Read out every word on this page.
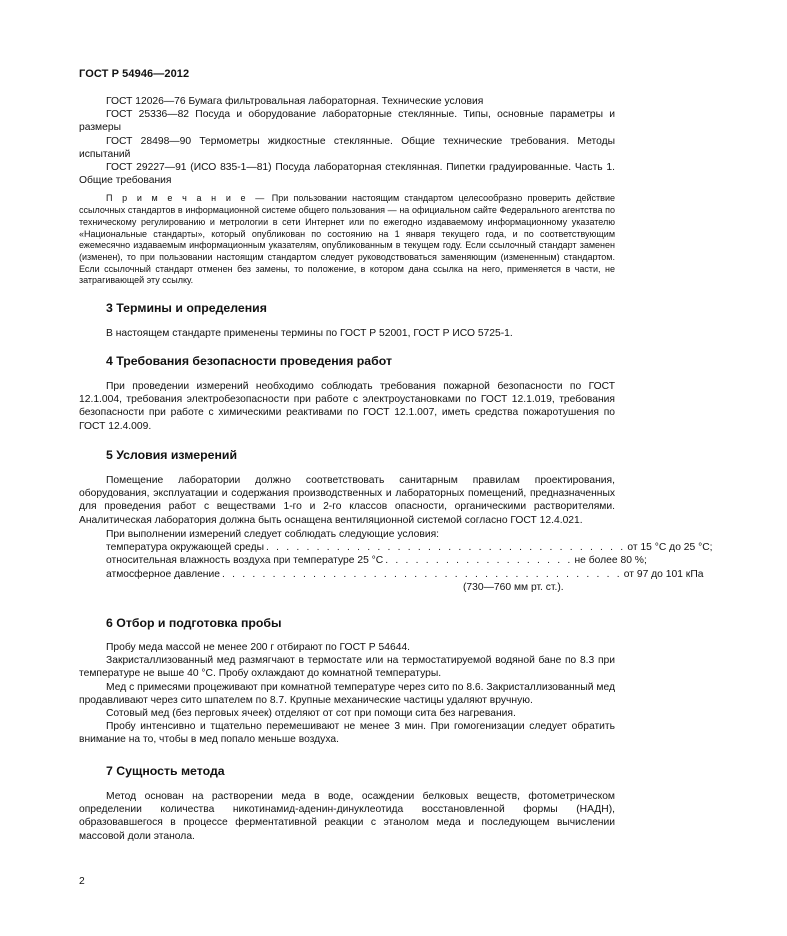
ГОСТ Р 54946—2012

ГОСТ 12026—76 Бумага фильтровальная лабораторная. Технические условия

ГОСТ 25336—82 Посуда и оборудование лабораторные стеклянные. Типы, основные параметры и размеры

ГОСТ 28498—90 Термометры жидкостные стеклянные. Общие технические требования. Методы испытаний

ГОСТ 29227—91 (ИСО 835-1—81) Посуда лабораторная стеклянная. Пипетки градуированные. Часть 1. Общие требования

П р и м е ч а н и е — При пользовании настоящим стандартом целесообразно проверить действие ссылочных стандартов в информационной системе общего пользования — на официальном сайте Федерального агентства по техническому регулированию и метрологии в сети Интернет или по ежегодно издаваемому информационному указателю «Национальные стандарты», который опубликован по состоянию на 1 января текущего года, и по соответствующим ежемесячно издаваемым информационным указателям, опубликованным в текущем году. Если ссылочный стандарт заменен (изменен), то при пользовании настоящим стандартом следует руководствоваться заменяющим (измененным) стандартом. Если ссылочный стандарт отменен без замены, то положение, в котором дана ссылка на него, применяется в части, не затрагивающей эту ссылку.
3 Термины и определения

В настоящем стандарте применены термины по ГОСТ Р 52001, ГОСТ Р ИСО 5725-1.

4 Требования безопасности проведения работ

При проведении измерений необходимо соблюдать требования пожарной безопасности по ГОСТ 12.1.004, требования электробезопасности при работе с электроустановками по ГОСТ 12.1.019, требования безопасности при работе с химическими реактивами по ГОСТ 12.1.007, иметь средства пожаротушения по ГОСТ 12.4.009.

5 Условия измерений

Помещение лаборатории должно соответствовать санитарным правилам проектирования, оборудования, эксплуатации и содержания производственных и лабораторных помещений, предназначенных для проведения работ с веществами 1-го и 2-го классов опасности, органическими растворителями. Аналитическая лаборатория должна быть оснащена вентиляционной системой согласно ГОСТ 12.4.021.

При выполнении измерений следует соблюдать следующие условия:
температура окружающей среды . . . . . . . . . . . . . . . . . . . . . . . . . . . . . . . . . . . . от 15 °С до 25 °С;
относительная влажность воздуха при температуре 25 °С . . . . . . . . . . . . . . . . . . . не более 80 %;
атмосферное давление . . . . . . . . . . . . . . . . . . . . . . . . . . . . . . . . . . . . . . . . от 97 до 101 кПа
(730—760 мм рт. ст.).
6 Отбор и подготовка пробы

Пробу меда массой не менее 200 г отбирают по ГОСТ Р 54644.

Закристаллизованный мед размягчают в термостате или на термостатируемой водяной бане по 8.3 при температуре не выше 40 °С. Пробу охлаждают до комнатной температуры.

Мед с примесями процеживают при комнатной температуре через сито по 8.6. Закристаллизованный мед продавливают через сито шпателем по 8.7. Крупные механические частицы удаляют вручную.

Сотовый мед (без перговых ячеек) отделяют от сот при помощи сита без нагревания.

Пробу интенсивно и тщательно перемешивают не менее 3 мин. При гомогенизации следует обратить внимание на то, чтобы в мед попало меньше воздуха.

7 Сущность метода

Метод основан на растворении меда в воде, осаждении белковых веществ, фотометрическом определении количества никотинамид-аденин-динуклеотида восстановленной формы (НАДН), образовавшегося в процессе ферментативной реакции с этанолом меда и последующем вычислении массовой доли этанола.

2
